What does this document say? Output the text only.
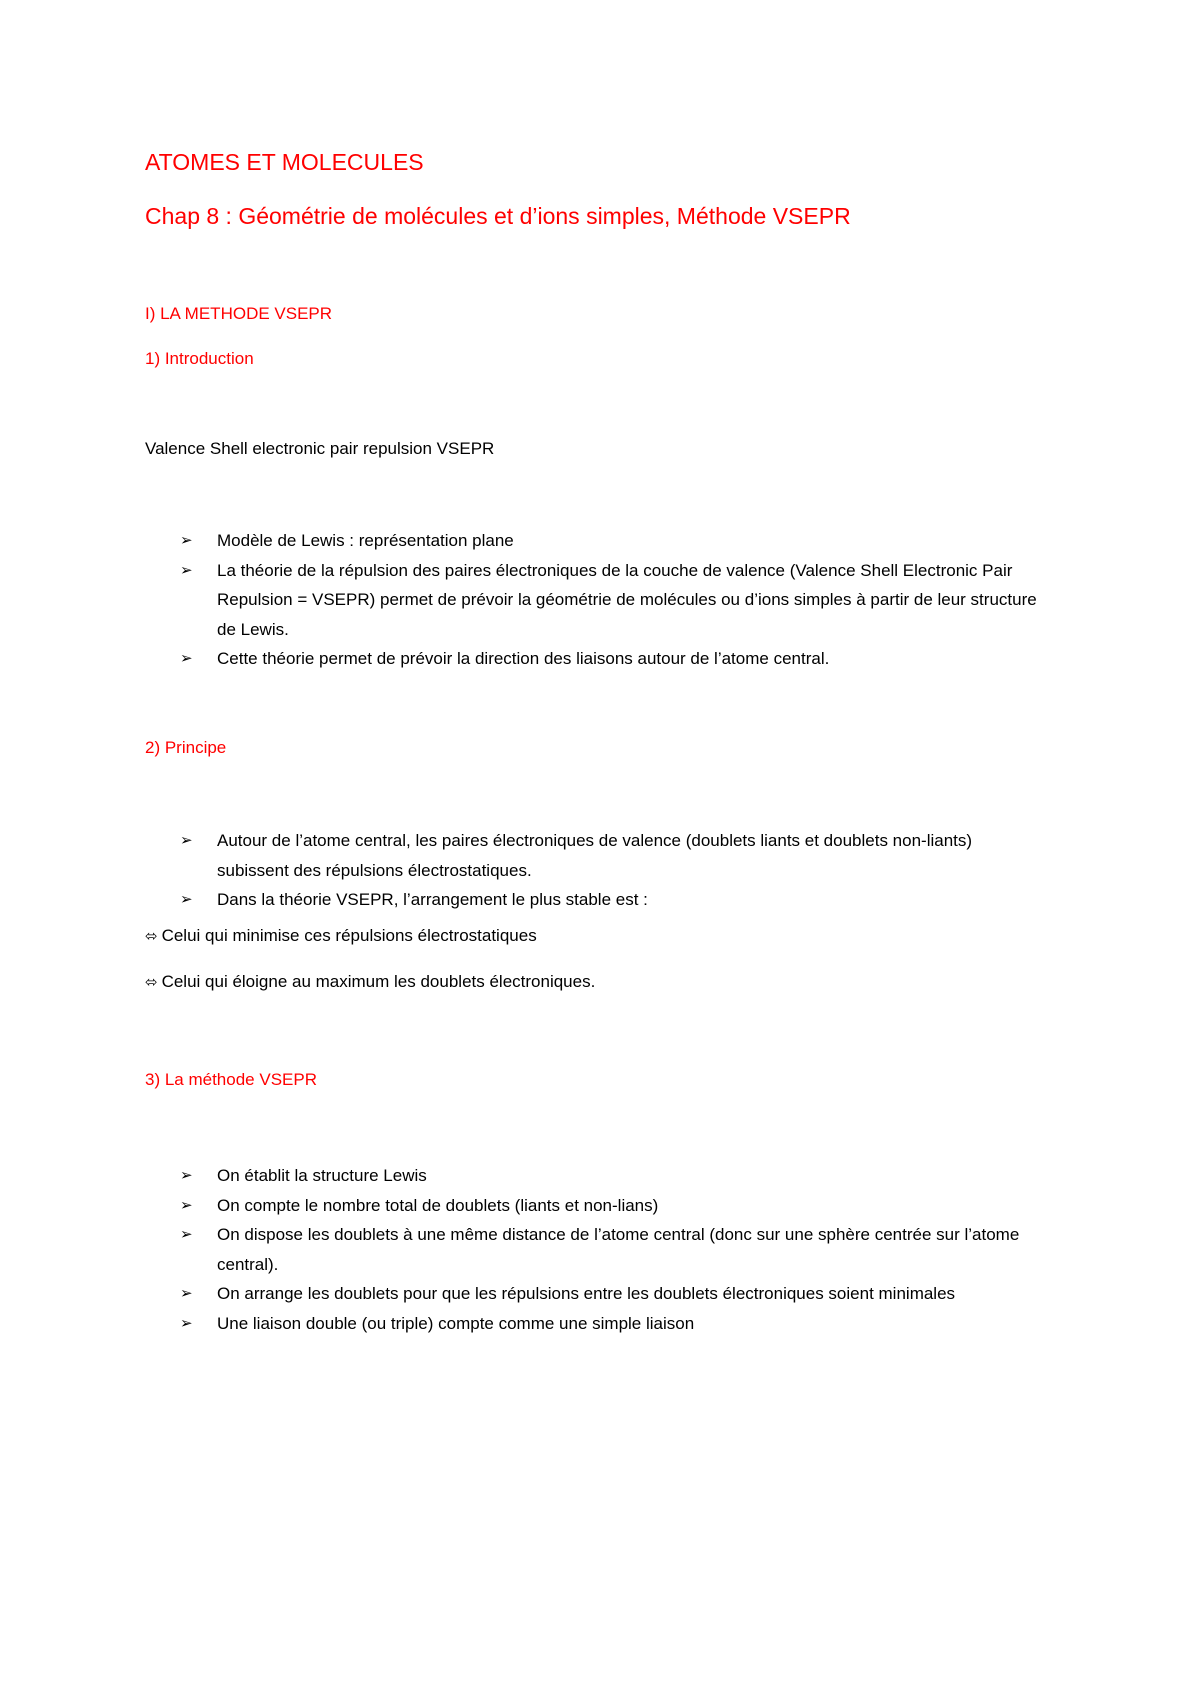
ATOMES ET MOLECULES
Chap 8 : Géométrie de molécules et d’ions simples, Méthode VSEPR
I) LA METHODE VSEPR
1) Introduction
Valence Shell electronic pair repulsion VSEPR
➢ Modèle de Lewis : représentation plane
➢ La théorie de la répulsion des paires électroniques de la couche de valence (Valence Shell Electronic Pair Repulsion = VSEPR) permet de prévoir la géométrie de molécules ou d’ions simples à partir de leur structure de Lewis.
➢ Cette théorie permet de prévoir la direction des liaisons autour de l’atome central.
2) Principe
➢ Autour de l’atome central, les paires électroniques de valence (doublets liants et doublets non-liants) subissent des répulsions électrostatiques.
➢ Dans la théorie VSEPR, l’arrangement le plus stable est :
⬄ Celui qui minimise ces répulsions électrostatiques
⬄ Celui qui éloigne au maximum les doublets électroniques.
3) La méthode VSEPR
➢ On établit la structure Lewis
➢ On compte le nombre total de doublets (liants et non-lians)
➢ On dispose les doublets à une même distance de l’atome central (donc sur une sphère centrée sur l’atome central).
➢ On arrange les doublets pour que les répulsions entre les doublets électroniques soient minimales
➢ Une liaison double (ou triple) compte comme une simple liaison
